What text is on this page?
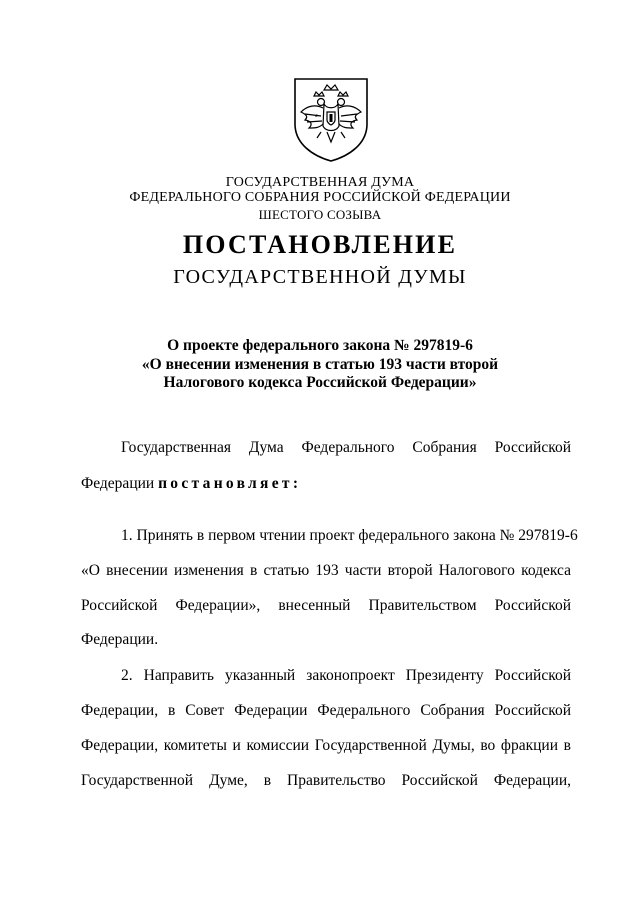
ГОСУДАРСТВЕННАЯ ДУМА
ФЕДЕРАЛЬНОГО СОБРАНИЯ РОССИЙСКОЙ ФЕДЕРАЦИИ
ШЕСТОГО СОЗЫВА
ПОСТАНОВЛЕНИЕ
ГОСУДАРСТВЕННОЙ ДУМЫ
О проекте федерального закона № 297819-6
«О внесении изменения в статью 193 части второй
Налогового кодекса Российской Федерации»
Государственная Дума Федерального Собрания Российской
Федерации постановляет:
1. Принять в первом чтении проект федерального закона № 297819-6
«О внесении изменения в статью 193 части второй Налогового кодекса
Российской Федерации», внесенный Правительством Российской
Федерации.
2. Направить указанный законопроект Президенту Российской
Федерации, в Совет Федерации Федерального Собрания Российской
Федерации, комитеты и комиссии Государственной Думы, во фракции в
Государственной Думе, в Правительство Российской Федерации,
